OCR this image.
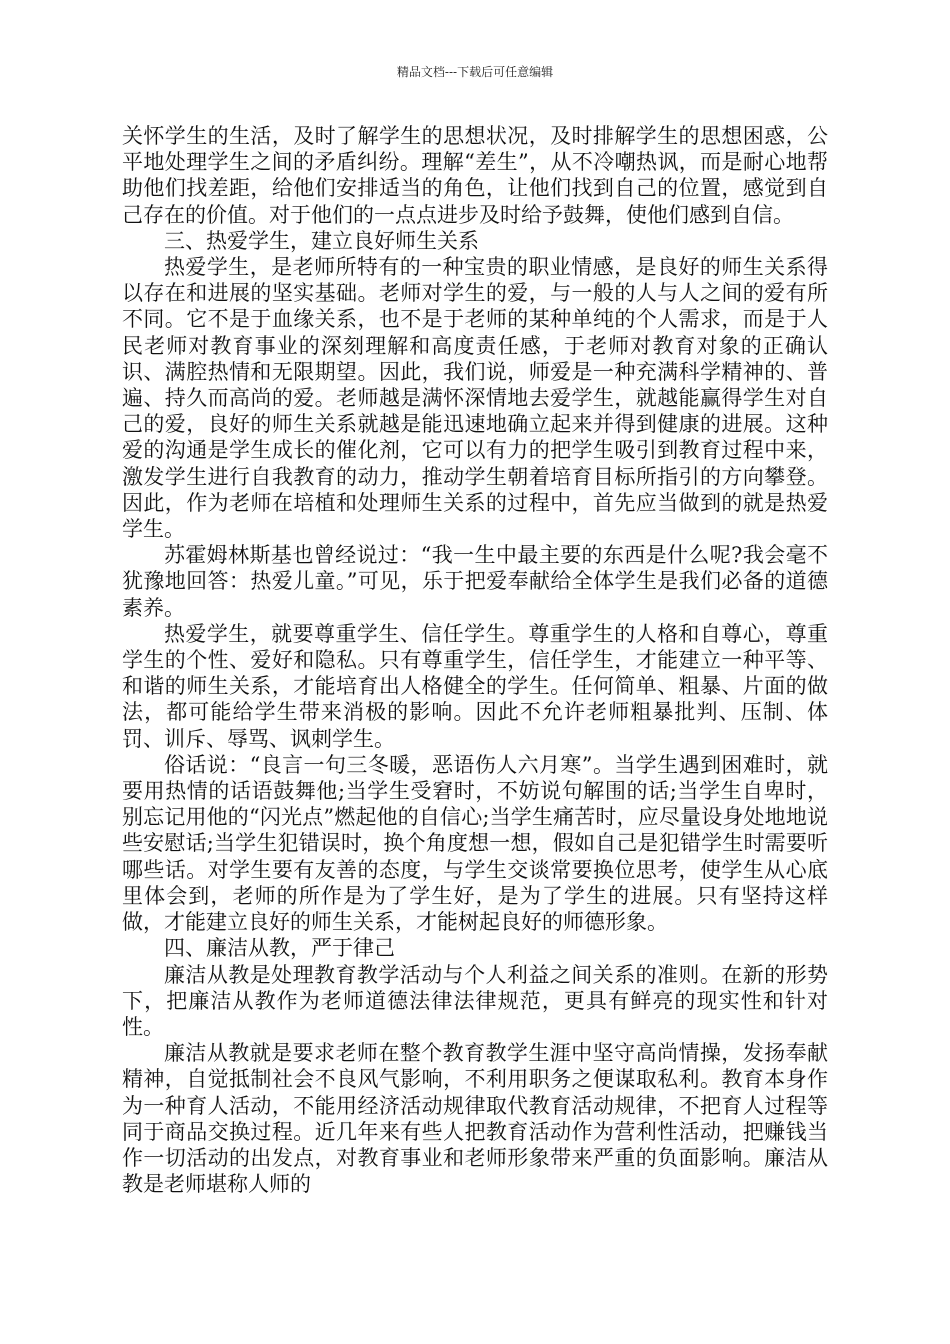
精品文档---下载后可任意编辑

关怀学生的生活，及时了解学生的思想状况，及时排解学生的思想困惑，公平地处理学生之间的矛盾纠纷。理解“差生”，从不冷嘲热讽，而是耐心地帮助他们找差距，给他们安排适当的角色，让他们找到自己的位置，感觉到自己存在的价值。对于他们的一点点进步及时给予鼓舞，使他们感到自信。

三、热爱学生，建立良好师生关系

热爱学生，是老师所特有的一种宝贵的职业情感，是良好的师生关系得以存在和进展的坚实基础。老师对学生的爱，与一般的人与人之间的爱有所不同。它不是于血缘关系，也不是于老师的某种单纯的个人需求，而是于人民老师对教育事业的深刻理解和高度责任感，于老师对教育对象的正确认识、满腔热情和无限期望。因此，我们说，师爱是一种充满科学精神的、普遍、持久而高尚的爱。老师越是满怀深情地去爱学生，就越能赢得学生对自己的爱，良好的师生关系就越是能迅速地确立起来并得到健康的进展。这种爱的沟通是学生成长的催化剂，它可以有力的把学生吸引到教育过程中来，激发学生进行自我教育的动力，推动学生朝着培育目标所指引的方向攀登。因此，作为老师在培植和处理师生关系的过程中，首先应当做到的就是热爱学生。

苏霍姆林斯基也曾经说过：“我一生中最主要的东西是什么呢?我会毫不犹豫地回答：热爱儿童。”可见，乐于把爱奉献给全体学生是我们必备的道德素养。

热爱学生，就要尊重学生、信任学生。尊重学生的人格和自尊心，尊重学生的个性、爱好和隐私。只有尊重学生，信任学生，才能建立一种平等、和谐的师生关系，才能培育出人格健全的学生。任何简单、粗暴、片面的做法，都可能给学生带来消极的影响。因此不允许老师粗暴批判、压制、体罚、训斥、辱骂、讽刺学生。

俗话说：“良言一句三冬暖，恶语伤人六月寒”。当学生遇到困难时，就要用热情的话语鼓舞他;当学生受窘时，不妨说句解围的话;当学生自卑时，别忘记用他的“闪光点”燃起他的自信心;当学生痛苦时，应尽量设身处地地说些安慰话;当学生犯错误时，换个角度想一想，假如自己是犯错学生时需要听哪些话。对学生要有友善的态度，与学生交谈常要换位思考，使学生从心底里体会到，老师的所作是为了学生好，是为了学生的进展。只有坚持这样做，才能建立良好的师生关系，才能树起良好的师德形象。

四、廉洁从教，严于律己

廉洁从教是处理教育教学活动与个人利益之间关系的准则。在新的形势下，把廉洁从教作为老师道德法律法律规范，更具有鲜亮的现实性和针对性。

廉洁从教就是要求老师在整个教育教学生涯中坚守高尚情操，发扬奉献精神，自觉抵制社会不良风气影响，不利用职务之便谋取私利。教育本身作为一种育人活动，不能用经济活动规律取代教育活动规律，不把育人过程等同于商品交换过程。近几年来有些人把教育活动作为营利性活动，把赚钱当作一切活动的出发点，对教育事业和老师形象带来严重的负面影响。廉洁从教是老师堪称人师的
